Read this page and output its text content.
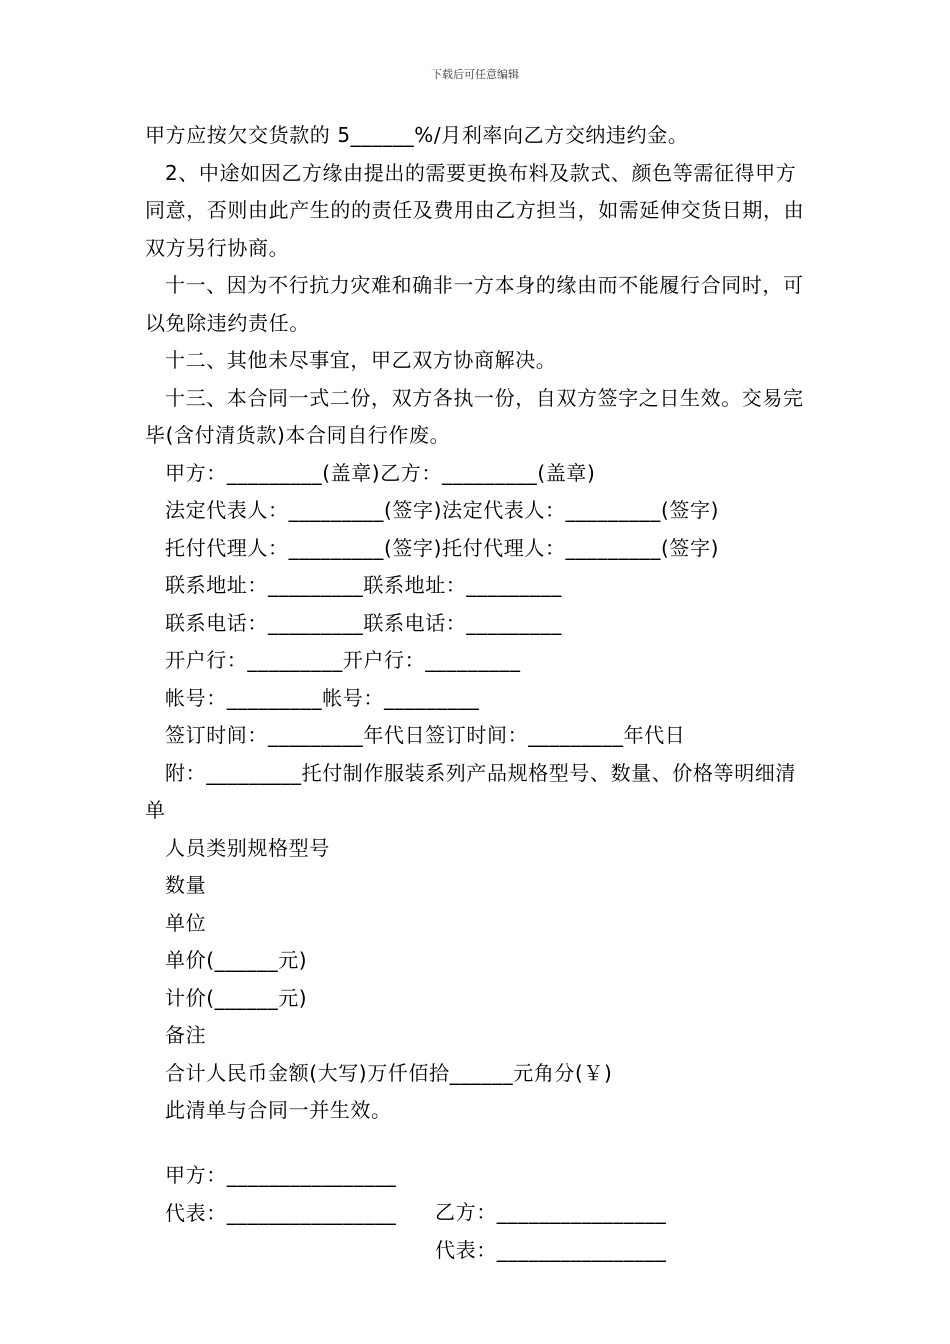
下载后可任意编辑

甲方应按欠交货款的 5______%/月利率向乙方交纳违约金。

2、中途如因乙方缘由提出的需要更换布料及款式、颜色等需征得甲方同意，否则由此产生的的责任及费用由乙方担当，如需延伸交货日期，由双方另行协商。

十一、因为不行抗力灾难和确非一方本身的缘由而不能履行合同时，可以免除违约责任。

十二、其他未尽事宜，甲乙双方协商解决。

十三、本合同一式二份，双方各执一份，自双方签字之日生效。交易完毕(含付清货款)本合同自行作废。

甲方：_________(盖章)乙方：_________(盖章)

法定代表人：_________(签字)法定代表人：_________(签字)

托付代理人：_________(签字)托付代理人：_________(签字)

联系地址：_________联系地址：_________

联系电话：_________联系电话：_________

开户行：_________开户行：_________

帐号：_________帐号：_________

签订时间：_________年代日签订时间：_________年代日

附：_________托付制作服装系列产品规格型号、数量、价格等明细清单

人员类别规格型号

数量

单位

单价(______元)

计价(______元)

备注

合计人民币金额(大写)万仟佰拾______元角分(￥)

此清单与合同一并生效。

甲方：________________

乙方：________________

代表：________________

代表：________________
